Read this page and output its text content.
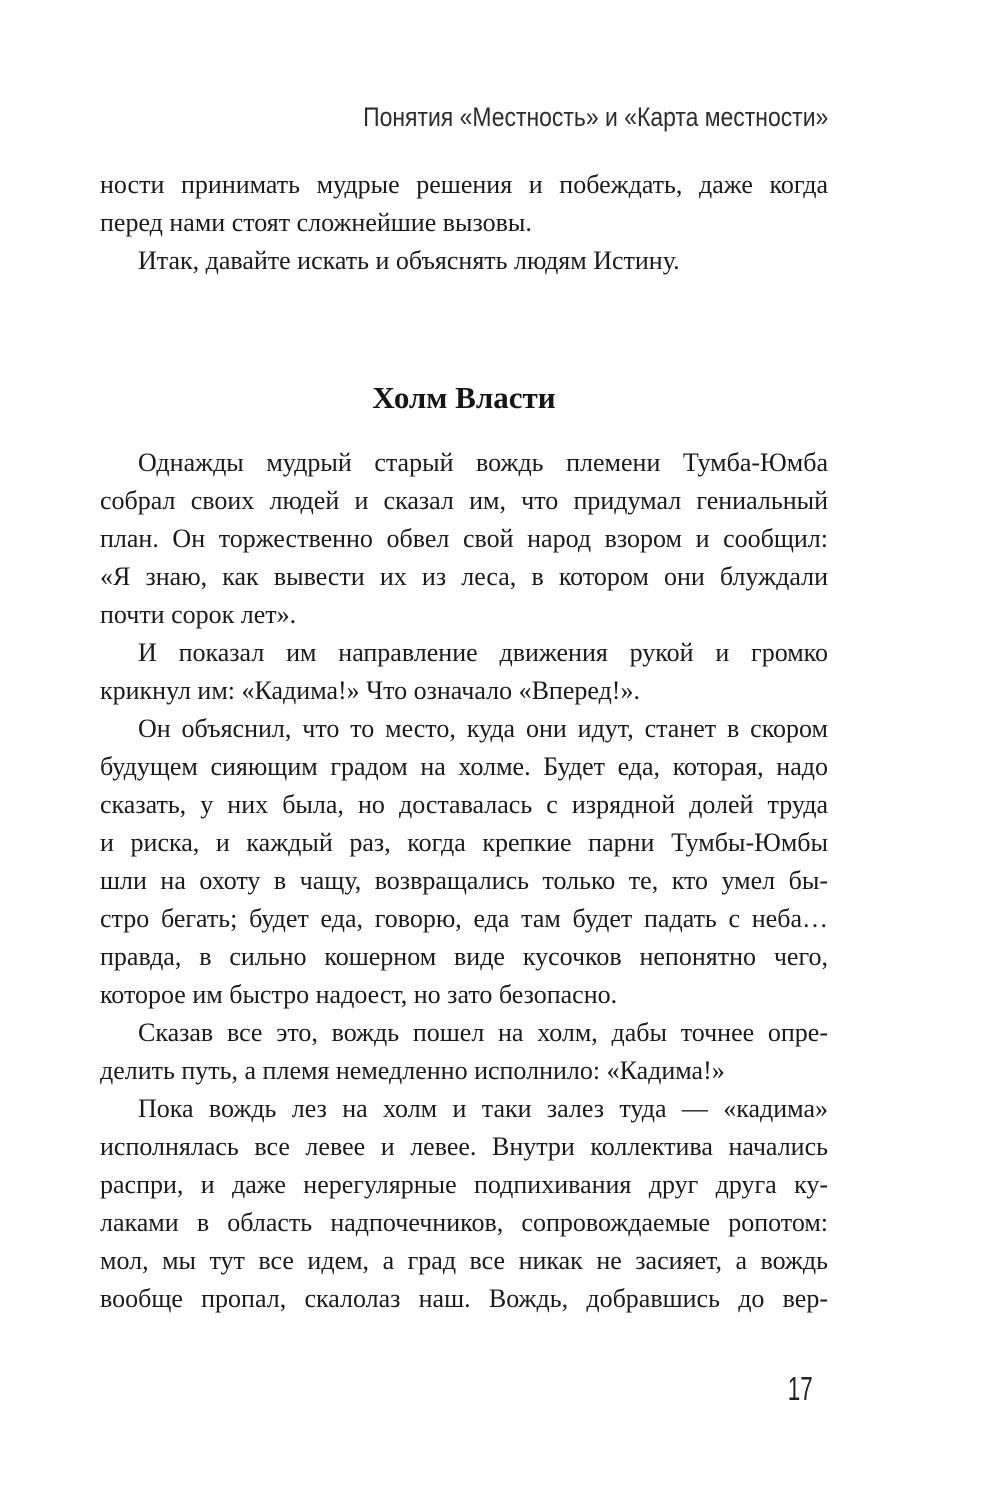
Понятия «Местность» и «Карта местности»
ности принимать мудрые решения и побеждать, даже когда
перед нами стоят сложнейшие вызовы.
Итак, давайте искать и объяснять людям Истину.
Холм Власти
Однажды мудрый старый вождь племени Тумба-Юмба
собрал своих людей и сказал им, что придумал гениальный
план. Он торжественно обвел свой народ взором и сообщил:
«Я знаю, как вывести их из леса, в котором они блуждали
почти сорок лет».
И показал им направление движения рукой и громко
крикнул им: «Кадима!» Что означало «Вперед!».
Он объяснил, что то место, куда они идут, станет в скором
будущем сияющим градом на холме. Будет еда, которая, надо
сказать, у них была, но доставалась с изрядной долей труда
и риска, и каждый раз, когда крепкие парни Тумбы-Юмбы
шли на охоту в чащу, возвращались только те, кто умел бы-
стро бегать; будет еда, говорю, еда там будет падать с неба…
правда, в сильно кошерном виде кусочков непонятно чего,
которое им быстро надоест, но зато безопасно.
Сказав все это, вождь пошел на холм, дабы точнее опре-
делить путь, а племя немедленно исполнило: «Кадима!»
Пока вождь лез на холм и таки залез туда — «кадима»
исполнялась все левее и левее. Внутри коллектива начались
распри, и даже нерегулярные подпихивания друг друга ку-
лаками в область надпочечников, сопровождаемые ропотом:
мол, мы тут все идем, а град все никак не засияет, а вождь
вообще пропал, скалолаз наш. Вождь, добравшись до вер-
17
